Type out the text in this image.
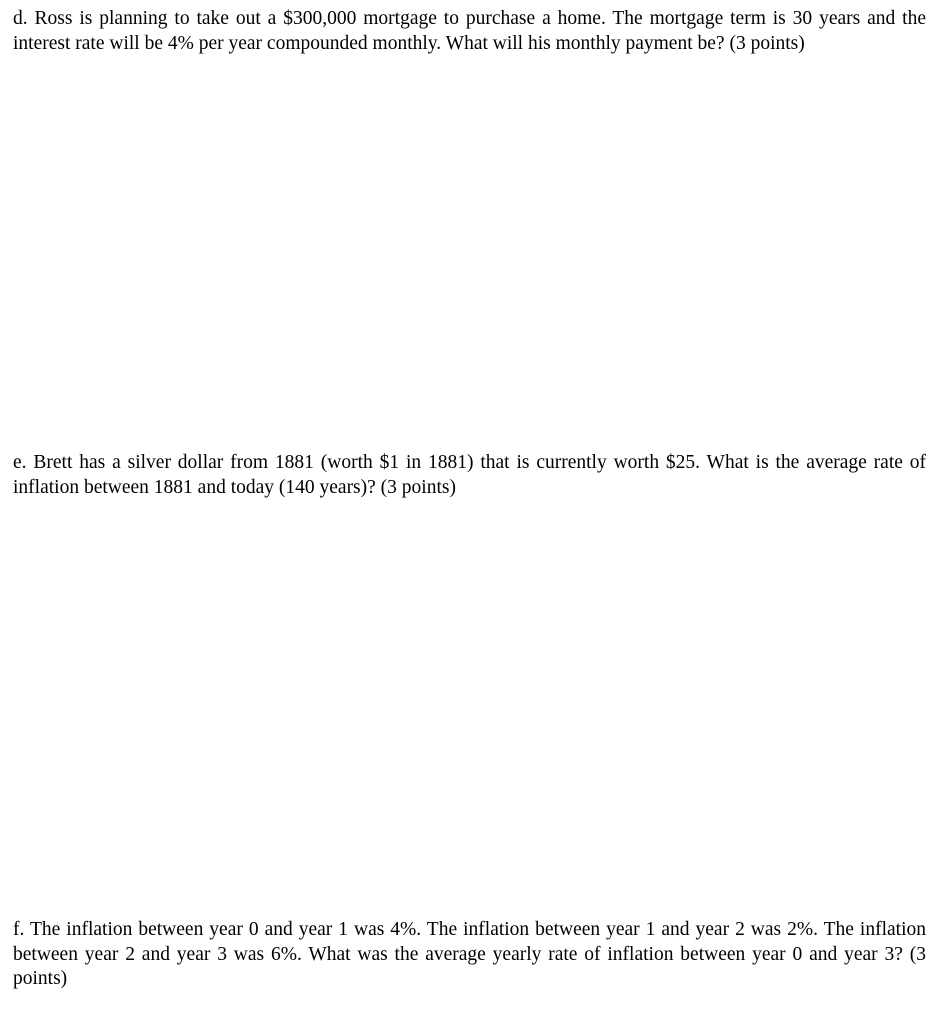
d. Ross is planning to take out a $300,000 mortgage to purchase a home. The mortgage term is 30 years and the interest rate will be 4% per year compounded monthly. What will his monthly payment be? (3 points)

e. Brett has a silver dollar from 1881 (worth $1 in 1881) that is currently worth $25. What is the average rate of inflation between 1881 and today (140 years)? (3 points)

f. The inflation between year 0 and year 1 was 4%. The inflation between year 1 and year 2 was 2%. The inflation between year 2 and year 3 was 6%. What was the average yearly rate of inflation between year 0 and year 3? (3 points)
